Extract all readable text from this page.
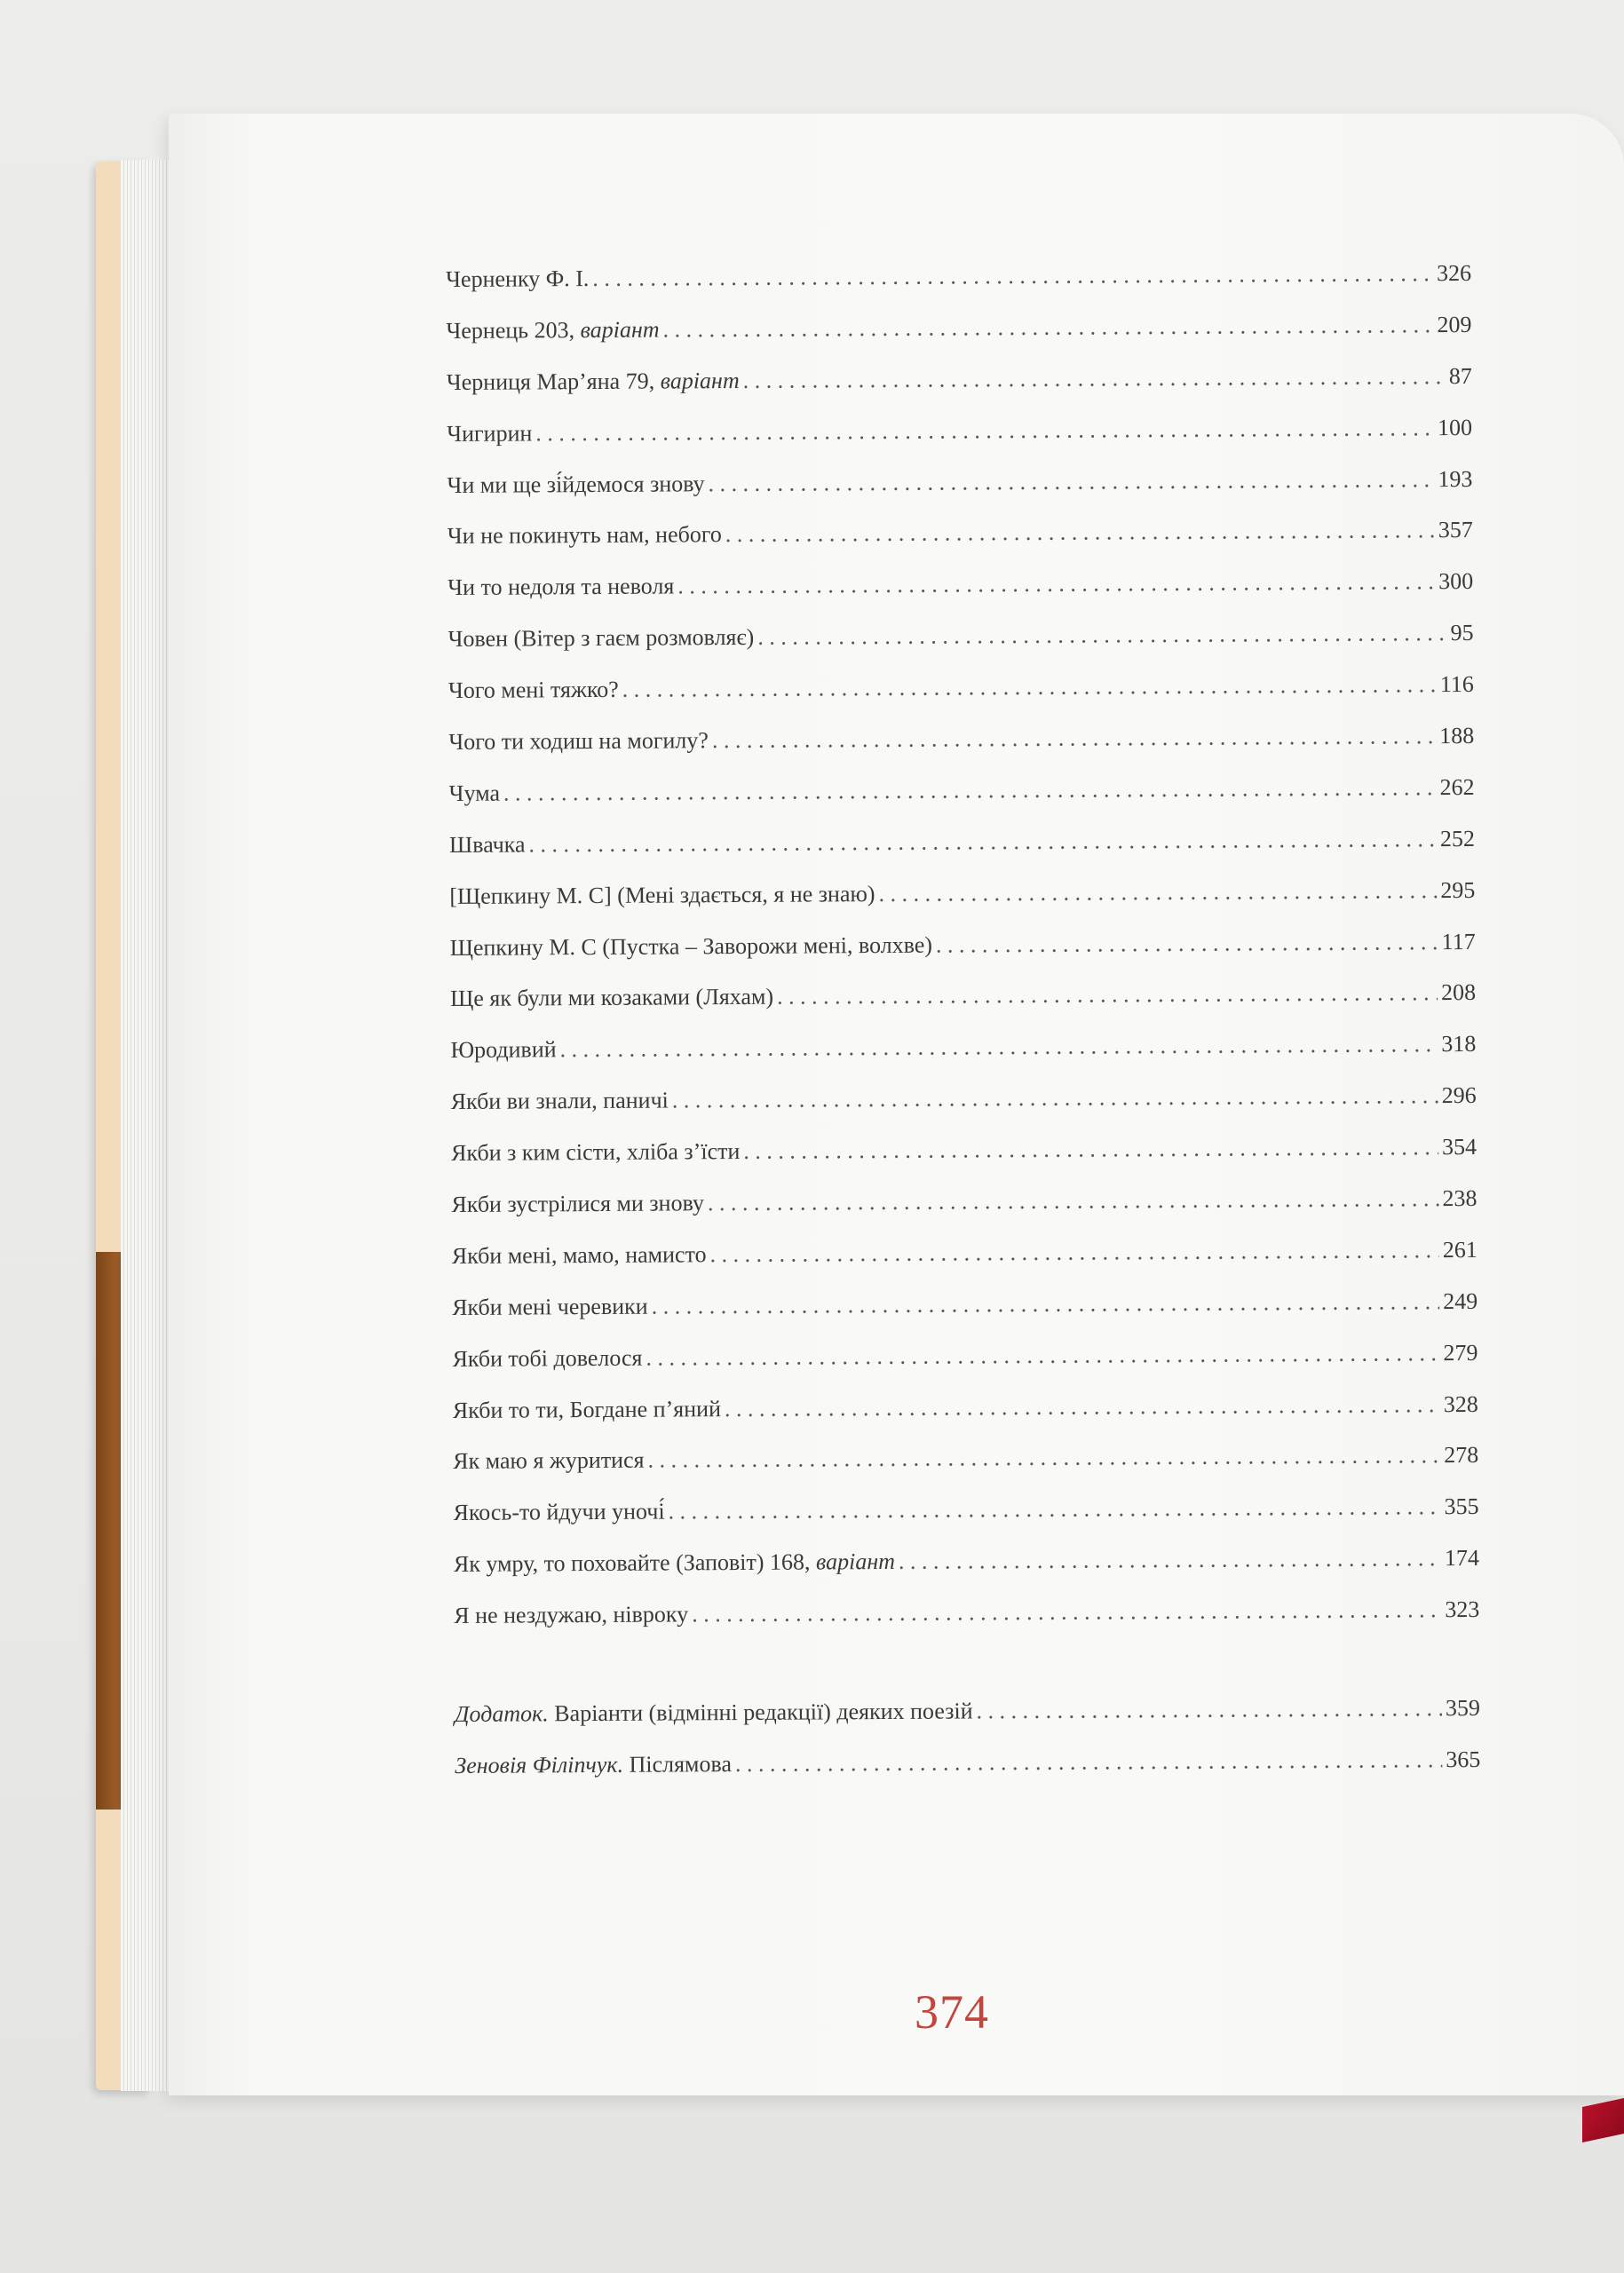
Черненку Ф. І. . . .	326
Чернець 203, варіант . . .	209
Черниця Мар’яна 79, варіант . . .	87
Чигирин . . .	100
Чи ми ще зі́йдемося знову . . .	193
Чи не покинуть нам, небого . . .	357
Чи то недоля та неволя . . .	300
Човен (Вітер з гаєм розмовляє) . . .	95
Чого мені тяжко? . . .	116
Чого ти ходиш на могилу? . . .	188
Чума . . .	262
Швачка . . .	252
[Щепкину М. С] (Мені здається, я не знаю) . . .	295
Щепкину М. С (Пустка – Заворожи мені, волхве) . . .	117
Ще як були ми козаками (Ляхам) . . .	208
Юродивий . . .	318
Якби ви знали, паничі . . .	296
Якби з ким сісти, хліба з’їсти . . .	354
Якби зустрілися ми знову . . .	238
Якби мені, мамо, намисто . . .	261
Якби мені черевики . . .	249
Якби тобі довелося . . .	279
Якби то ти, Богдане п’яний . . .	328
Як маю я журитися . . .	278
Якось-то йдучи уночі́ . . .	355
Як умру, то поховайте (Заповіт) 168, варіант . . .	174
Я не нездужаю, нівроку . . .	323
Додаток. Варіанти (відмінні редакції) деяких поезій . . .	359
Зеновія Філіпчук. Післямова . . .	365
374
